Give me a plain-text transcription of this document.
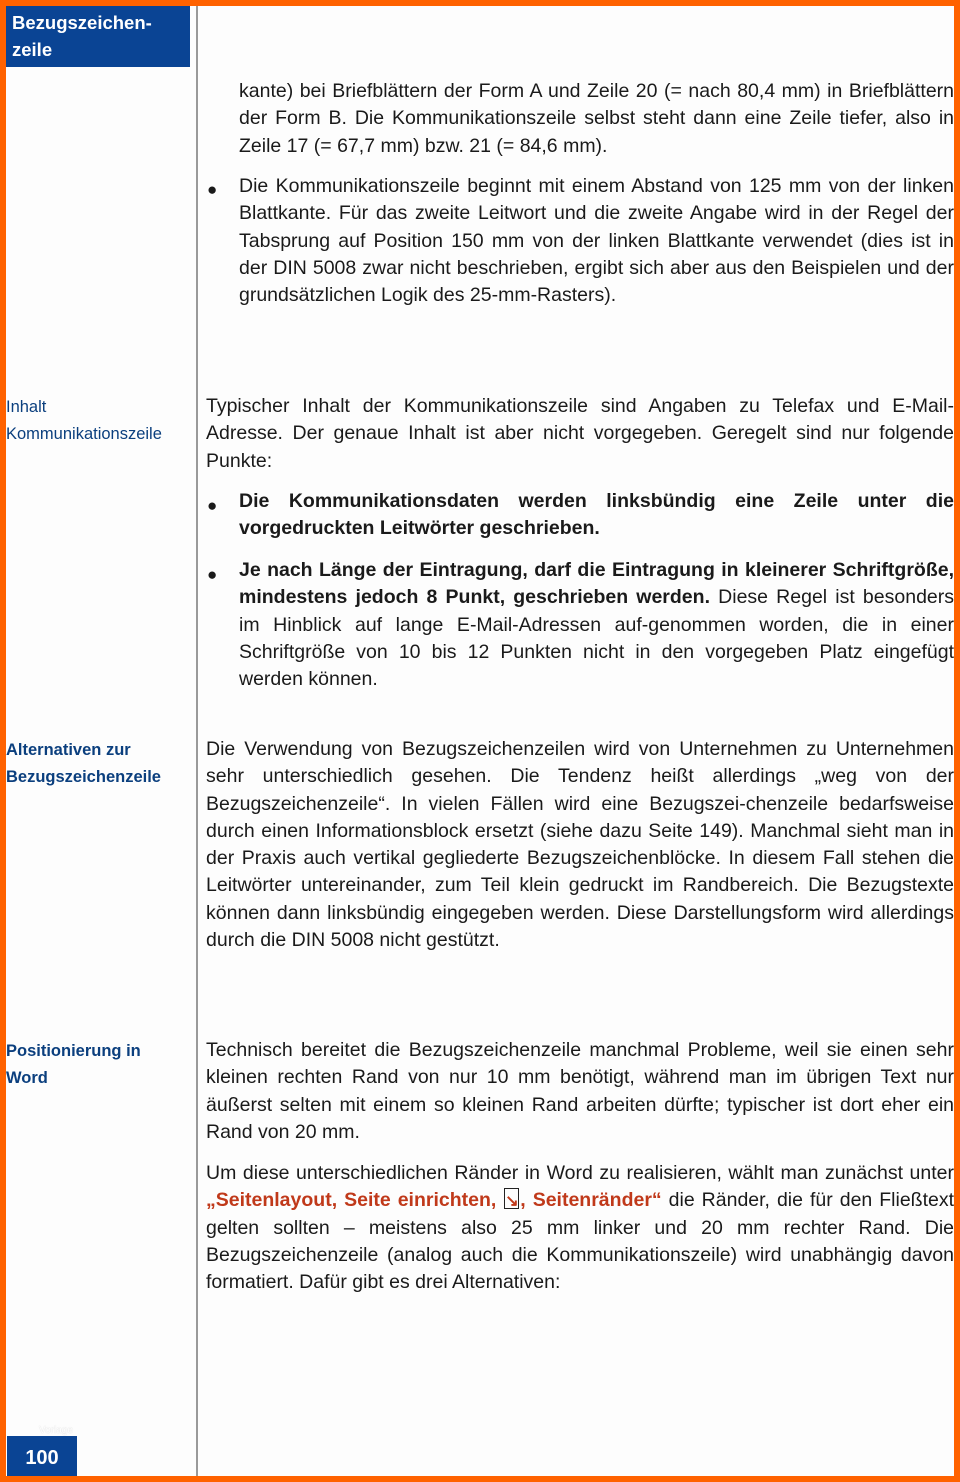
Bezugszeichen-
zeile
kante) bei Briefblättern der Form A und Zeile 20 (= nach 80,4 mm) in Briefblättern der Form B. Die Kommunikationszeile selbst steht dann eine Zeile tiefer, also in Zeile 17 (= 67,7 mm) bzw. 21 (= 84,6 mm).
● Die Kommunikationszeile beginnt mit einem Abstand von 125 mm von der linken Blattkante. Für das zweite Leitwort und die zweite Angabe wird in der Regel der Tabsprung auf Position 150 mm von der linken Blattkante verwendet (dies ist in der DIN 5008 zwar nicht beschrieben, ergibt sich aber aus den Beispielen und der grundsätzlichen Logik des 25-mm-Rasters).
Inhalt
Kommunikationszeile
Typischer Inhalt der Kommunikationszeile sind Angaben zu Telefax und E-Mail-Adresse. Der genaue Inhalt ist aber nicht vorgegeben. Geregelt sind nur folgende Punkte:
● Die Kommunikationsdaten werden linksbündig eine Zeile unter die vorgedruckten Leitwörter geschrieben.
● Je nach Länge der Eintragung, darf die Eintragung in kleinerer Schriftgröße, mindestens jedoch 8 Punkt, geschrieben werden. Diese Regel ist besonders im Hinblick auf lange E-Mail-Adressen auf-genommen worden, die in einer Schriftgröße von 10 bis 12 Punkten nicht in den vorgegeben Platz eingefügt werden können.
Alternativen zur
Bezugszeichenzeile
Die Verwendung von Bezugszeichenzeilen wird von Unternehmen zu Unternehmen sehr unterschiedlich gesehen. Die Tendenz heißt allerdings „weg von der Bezugszeichenzeile“. In vielen Fällen wird eine Bezugszei-chenzeile bedarfsweise durch einen Informationsblock ersetzt (siehe dazu Seite 149). Manchmal sieht man in der Praxis auch vertikal gegliederte Bezugszeichenblöcke. In diesem Fall stehen die Leitwörter untereinander, zum Teil klein gedruckt im Randbereich. Die Bezugstexte können dann linksbündig eingegeben werden. Diese Darstellungsform wird allerdings durch die DIN 5008 nicht gestützt.
Positionierung in
Word
Technisch bereitet die Bezugszeichenzeile manchmal Probleme, weil sie einen sehr kleinen rechten Rand von nur 10 mm benötigt, während man im übrigen Text nur äußerst selten mit einem so kleinen Rand arbeiten dürfte; typischer ist dort eher ein Rand von 20 mm.
Um diese unterschiedlichen Ränder in Word zu realisieren, wählt man zunächst unter „Seitenlayout, Seite einrichten, ↘ , Seitenränder“ die Ränder, die für den Fließtext gelten sollten – meistens also 25 mm linker und 20 mm rechter Rand. Die Bezugszeichenzeile (analog auch die Kommunikationszeile) wird unabhängig davon formatiert. Dafür gibt es drei Alternativen:
100
Vorlage
